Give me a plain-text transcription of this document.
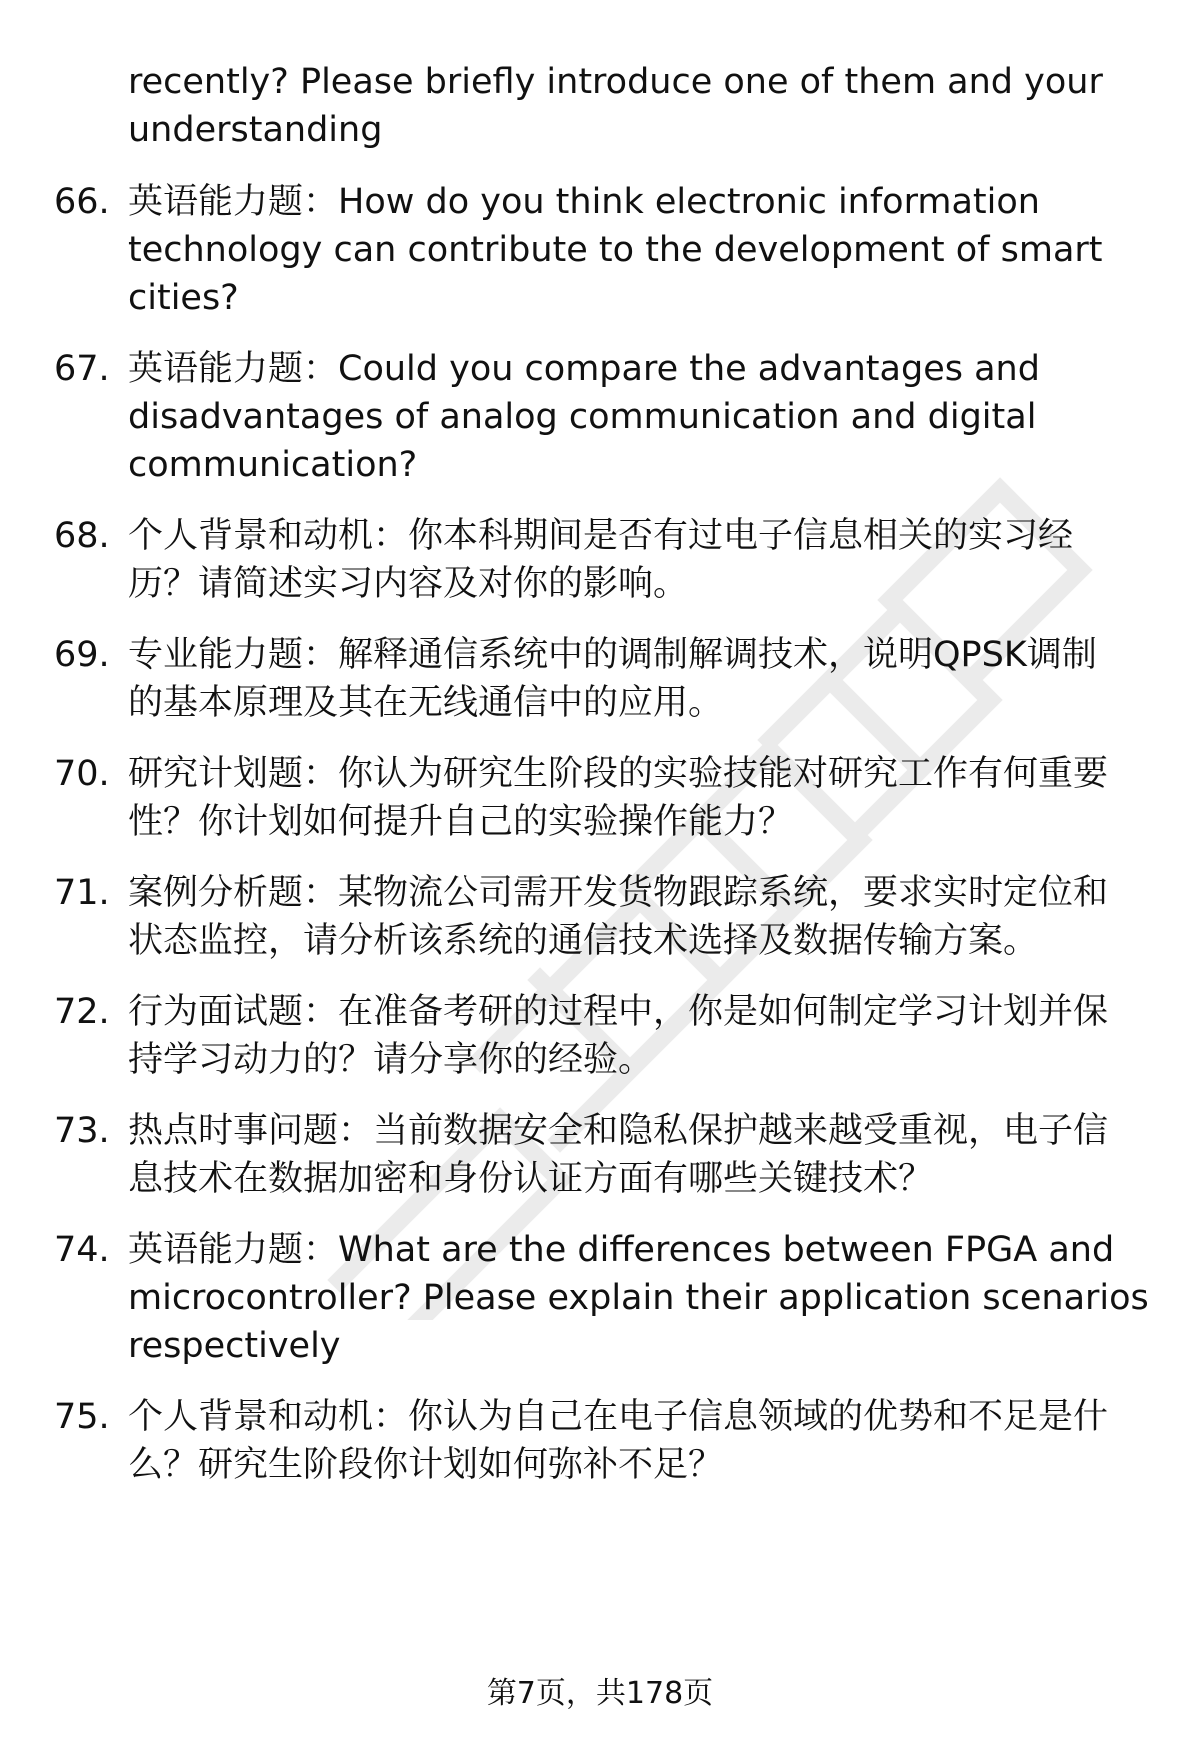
recently? Please briefly introduce one of them and your
understanding
66. 英语能力题：How do you think electronic information
technology can contribute to the development of smart
cities?
67. 英语能力题：Could you compare the advantages and
disadvantages of analog communication and digital
communication?
68. 个人背景和动机：你本科期间是否有过电子信息相关的实习经
历？请简述实习内容及对你的影响。
69. 专业能力题：解释通信系统中的调制解调技术，说明QPSK调制
的基本原理及其在无线通信中的应用。
70. 研究计划题：你认为研究生阶段的实验技能对研究工作有何重要
性？你计划如何提升自己的实验操作能力？
71. 案例分析题：某物流公司需开发货物跟踪系统，要求实时定位和
状态监控，请分析该系统的通信技术选择及数据传输方案。
72. 行为面试题：在准备考研的过程中，你是如何制定学习计划并保
持学习动力的？请分享你的经验。
73. 热点时事问题：当前数据安全和隐私保护越来越受重视，电子信
息技术在数据加密和身份认证方面有哪些关键技术？
74. 英语能力题：What are the differences between FPGA and
microcontroller? Please explain their application scenarios
respectively
75. 个人背景和动机：你认为自己在电子信息领域的优势和不足是什
么？研究生阶段你计划如何弥补不足？
第7页，共178页
